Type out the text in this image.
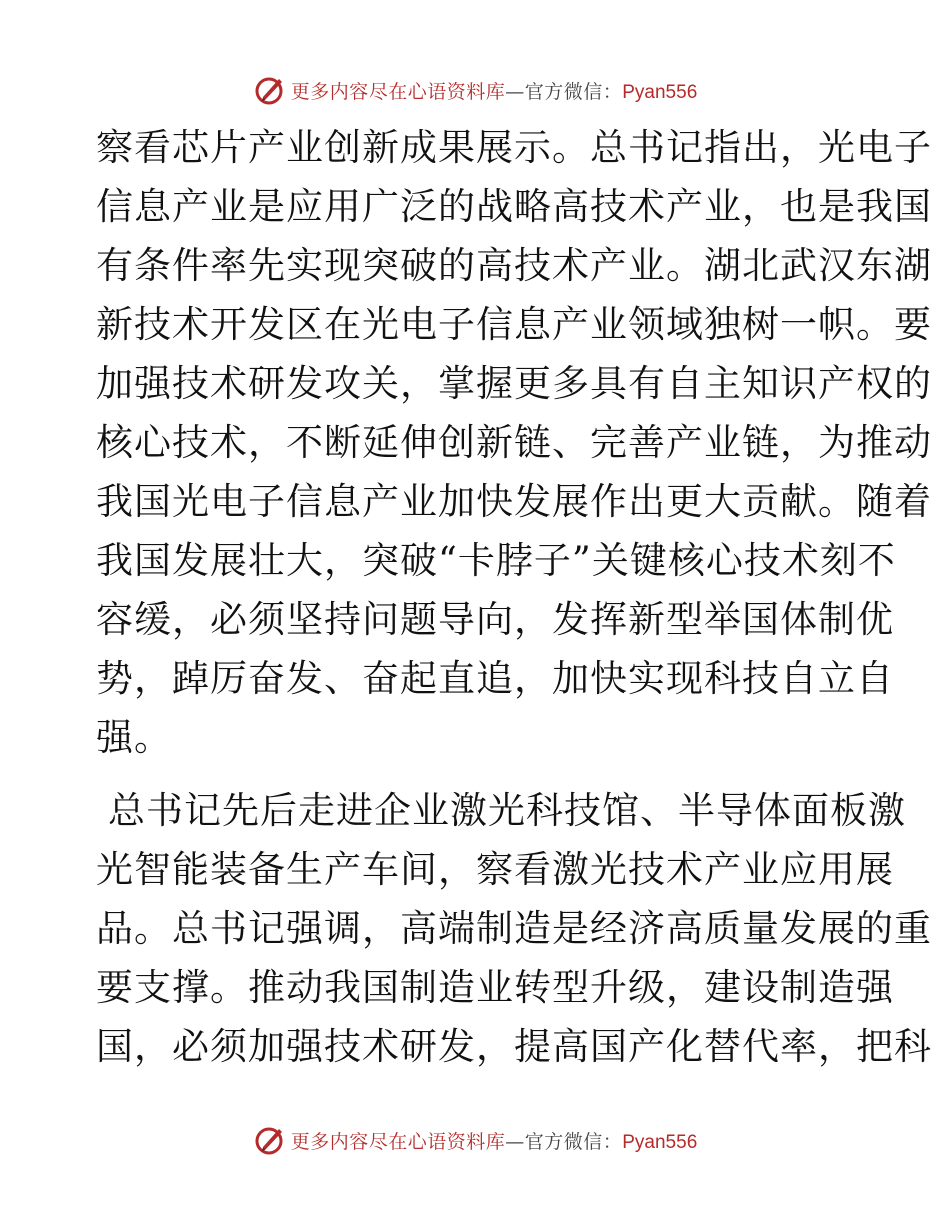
更多内容尽在心语资料库—官方微信：Pyan556
察看芯片产业创新成果展示。总书记指出，光电子
信息产业是应用广泛的战略高技术产业，也是我国
有条件率先实现突破的高技术产业。湖北武汉东湖
新技术开发区在光电子信息产业领域独树一帜。要
加强技术研发攻关，掌握更多具有自主知识产权的
核心技术，不断延伸创新链、完善产业链，为推动
我国光电子信息产业加快发展作出更大贡献。随着
我国发展壮大，突破“卡脖子”关键核心技术刻不
容缓，必须坚持问题导向，发挥新型举国体制优
势，踔厉奋发、奋起直追，加快实现科技自立自
强。
总书记先后走进企业激光科技馆、半导体面板激
光智能装备生产车间，察看激光技术产业应用展
品。总书记强调，高端制造是经济高质量发展的重
要支撑。推动我国制造业转型升级，建设制造强
国，必须加强技术研发，提高国产化替代率，把科
更多内容尽在心语资料库—官方微信：Pyan556
